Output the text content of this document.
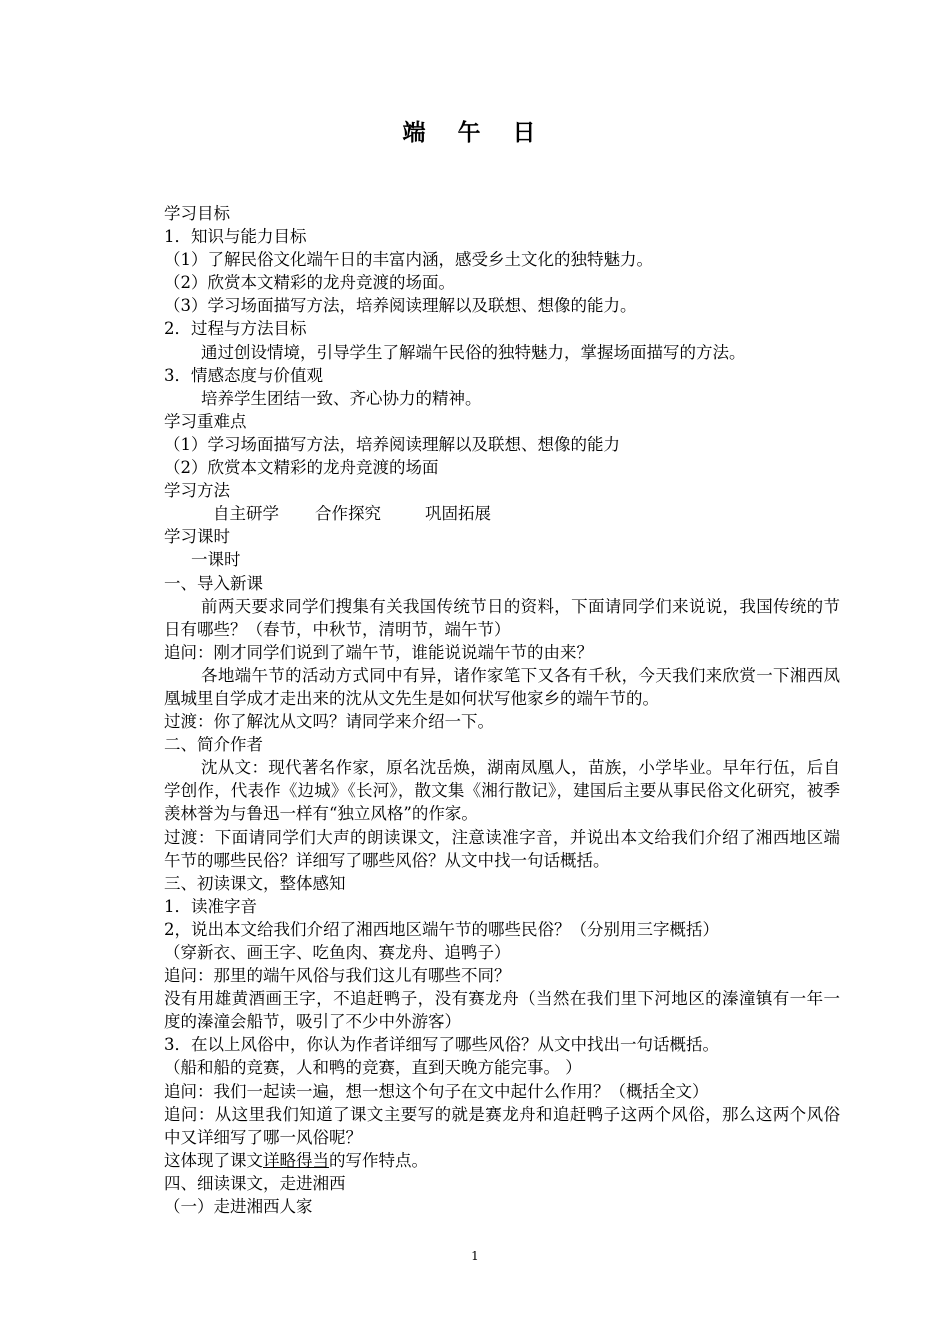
端 午 日

学习目标

1．知识与能力目标

（1）了解民俗文化端午日的丰富内涵，感受乡土文化的独特魅力。

（2）欣赏本文精彩的龙舟竞渡的场面。

（3）学习场面描写方法，培养阅读理解以及联想、想像的能力。

2．过程与方法目标

通过创设情境，引导学生了解端午民俗的独特魅力，掌握场面描写的方法。

3．情感态度与价值观

培养学生团结一致、齐心协力的精神。

学习重难点

（1）学习场面描写方法，培养阅读理解以及联想、想像的能力

（2）欣赏本文精彩的龙舟竞渡的场面

学习方法

自主研学 合作探究	巩固拓展

学习课时

一课时

一、导入新课

前两天要求同学们搜集有关我国传统节日的资料，下面请同学们来说说，我国传统的节日有哪些？（春节，中秋节，清明节，端午节）

追问：刚才同学们说到了端午节，谁能说说端午节的由来？

各地端午节的活动方式同中有异，诸作家笔下又各有千秋，今天我们来欣赏一下湘西凤凰城里自学成才走出来的沈从文先生是如何状写他家乡的端午节的。

过渡：你了解沈从文吗？请同学来介绍一下。

二、简介作者

沈从文：现代著名作家，原名沈岳焕，湖南凤凰人，苗族，小学毕业。早年行伍，后自学创作，代表作《边城》《长河》，散文集《湘行散记》，建国后主要从事民俗文化研究，被季羡林誉为与鲁迅一样有“独立风格”的作家。

过渡：下面请同学们大声的朗读课文，注意读准字音，并说出本文给我们介绍了湘西地区端午节的哪些民俗？详细写了哪些风俗？从文中找一句话概括。

三、初读课文，整体感知

1．读准字音

2，说出本文给我们介绍了湘西地区端午节的哪些民俗？（分别用三字概括）

（穿新衣、画王字、吃鱼肉、赛龙舟、追鸭子）

追问：那里的端午风俗与我们这儿有哪些不同？

没有用雄黄酒画王字，不追赶鸭子，没有赛龙舟（当然在我们里下河地区的溱潼镇有一年一度的溱潼会船节，吸引了不少中外游客）

3．在以上风俗中，你认为作者详细写了哪些风俗？从文中找出一句话概括。

（船和船的竞赛，人和鸭的竞赛，直到天晚方能完事。 ）

追问：我们一起读一遍，想一想这个句子在文中起什么作用？（概括全文）

追问：从这里我们知道了课文主要写的就是赛龙舟和追赶鸭子这两个风俗，那么这两个风俗中又详细写了哪一风俗呢？

这体现了课文详略得当的写作特点。

四、细读课文，走进湘西

（一）走进湘西人家

1
